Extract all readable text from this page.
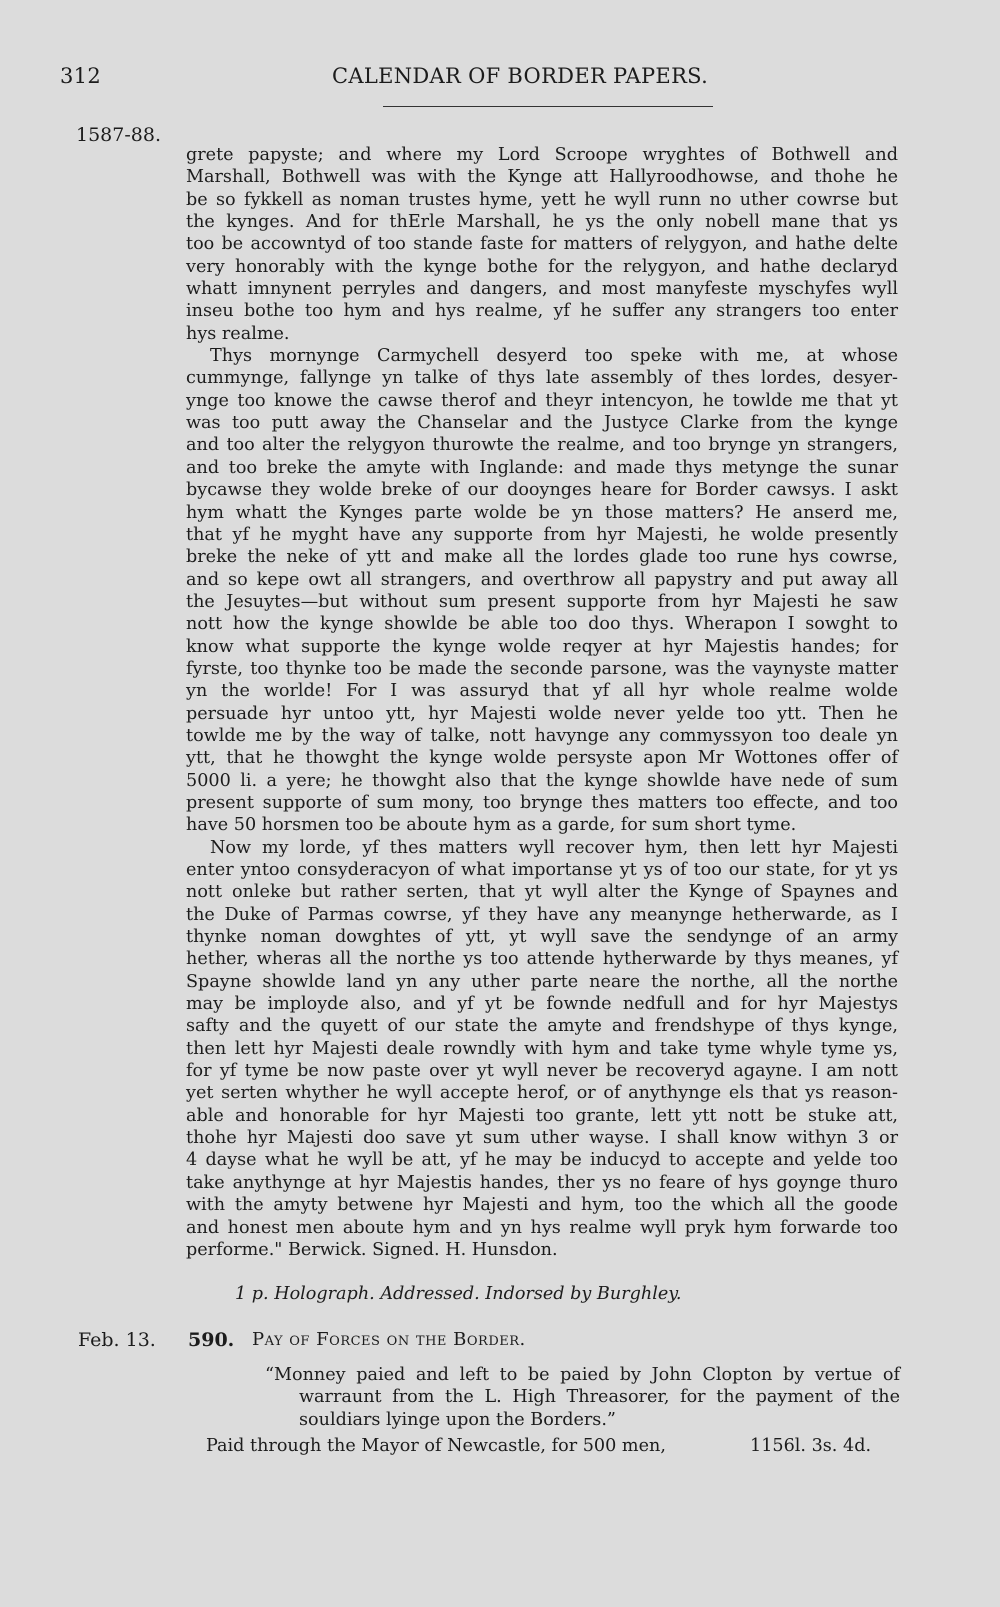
312	CALENDAR OF BORDER PAPERS.
1587-88.
grete papyste; and where my Lord Scroope wryghtes of Bothwell and
Marshall, Bothwell was with the Kynge att Hallyroodhowse, and thohe he
be so fykkell as noman trustes hyme, yett he wyll runn no uther cowrse but
the kynges. And for thErle Marshall, he ys the only nobell mane that ys
too be accowntyd of too stande faste for matters of relygyon, and hathe delte
very honorably with the kynge bothe for the relygyon, and hathe declaryd
whatt imnynent perryles and dangers, and most manyfeste myschyfes wyll
inseu bothe too hym and hys realme, yf he suffer any strangers too enter
hys realme.
Thys mornynge Carmychell desyerd too speke with me, at whose
cummynge, fallynge yn talke of thys late assembly of thes lordes, desyer-
ynge too knowe the cawse therof and theyr intencyon, he towlde me that yt
was too putt away the Chanselar and the Justyce Clarke from the kynge
and too alter the relygyon thurowte the realme, and too brynge yn strangers,
and too breke the amyte with Inglande: and made thys metynge the sunar
bycawse they wolde breke of our dooynges heare for Border cawsys. I askt
hym whatt the Kynges parte wolde be yn those matters? He anserd me,
that yf he myght have any supporte from hyr Majesti, he wolde presently
breke the neke of ytt and make all the lordes glade too rune hys cowrse,
and so kepe owt all strangers, and overthrow all papystry and put away all
the Jesuytes—but without sum present supporte from hyr Majesti he saw
nott how the kynge showlde be able too doo thys. Wherapon I sowght to
know what supporte the kynge wolde reqyer at hyr Majestis handes; for
fyrste, too thynke too be made the seconde parsone, was the vaynyste matter
yn the worlde! For I was assuryd that yf all hyr whole realme wolde
persuade hyr untoo ytt, hyr Majesti wolde never yelde too ytt. Then he
towlde me by the way of talke, nott havynge any commyssyon too deale yn
ytt, that he thowght the kynge wolde persyste apon Mr Wottones offer of
5000 li. a yere; he thowght also that the kynge showlde have nede of sum
present supporte of sum mony, too brynge thes matters too effecte, and too
have 50 horsmen too be aboute hym as a garde, for sum short tyme.
Now my lorde, yf thes matters wyll recover hym, then lett hyr Majesti
enter yntoo consyderacyon of what importanse yt ys of too our state, for yt ys
nott onleke but rather serten, that yt wyll alter the Kynge of Spaynes and
the Duke of Parmas cowrse, yf they have any meanynge hetherwarde, as I
thynke noman dowghtes of ytt, yt wyll save the sendynge of an army
hether, wheras all the northe ys too attende hytherwarde by thys meanes, yf
Spayne showlde land yn any uther parte neare the northe, all the northe
may be imployde also, and yf yt be fownde nedfull and for hyr Majestys
safty and the quyett of our state the amyte and frendshype of thys kynge,
then lett hyr Majesti deale rowndly with hym and take tyme whyle tyme ys,
for yf tyme be now paste over yt wyll never be recoveryd agayne. I am nott
yet serten whyther he wyll accepte herof, or of anythynge els that ys reason-
able and honorable for hyr Majesti too grante, lett ytt nott be stuke att,
thohe hyr Majesti doo save yt sum uther wayse. I shall know withyn 3 or
4 dayse what he wyll be att, yf he may be inducyd to accepte and yelde too
take anythynge at hyr Majestis handes, ther ys no feare of hys goynge thuro
with the amyty betwene hyr Majesti and hym, too the which all the goode
and honest men aboute hym and yn hys realme wyll pryk hym forwarde too
performe." Berwick. Signed. H. Hunsdon.
1 p. Holograph. Addressed. Indorsed by Burghley.
Feb. 13. 590. Pay of Forces on the Border.
“Monney paied and left to be paied by John Clopton by vertue of
warraunt from the L. High Threasorer, for the payment of the
souldiars lyinge upon the Borders.”
Paid through the Mayor of Newcastle, for 500 men,	1156l. 3s. 4d.
